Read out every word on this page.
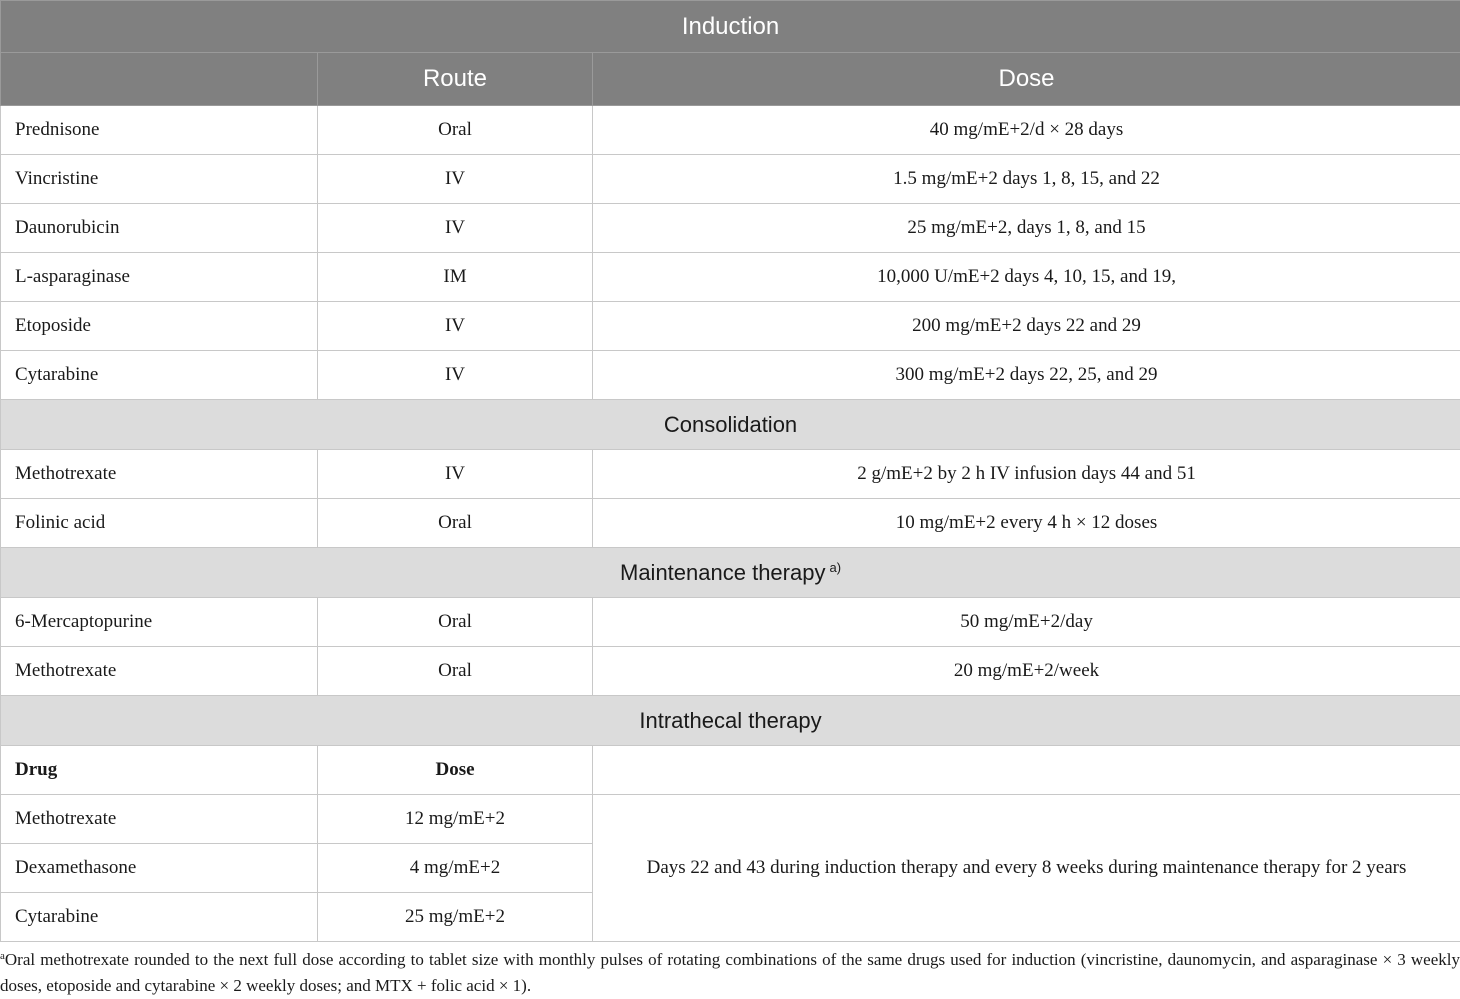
Induction		
	Route	Dose
Prednisone	Oral	40 mg/mE+2/d × 28 days
Vincristine	IV	1.5 mg/mE+2 days 1, 8, 15, and 22
Daunorubicin	IV	25 mg/mE+2, days 1, 8, and 15
L-asparaginase	IM	10,000 U/mE+2 days 4, 10, 15, and 19,
Etoposide	IV	200 mg/mE+2 days 22 and 29
Cytarabine	IV	300 mg/mE+2 days 22, 25, and 29
Consolidation		
Methotrexate	IV	2 g/mE+2 by 2 h IV infusion days 44 and 51
Folinic acid	Oral	10 mg/mE+2 every 4 h × 12 doses
Maintenance therapy $^{a)}$
6-Mercaptopurine	Oral	50 mg/mE+2/day
Methotrexate	Oral	20 mg/mE+2/week
Intrathecal therapy		
Drug	Dose	
Methotrexate	12 mg/mE+2	Days 22 and 43 during induction therapy and every 8 weeks during maintenance therapy for 2 years
Dexamethasone	4 mg/mE+2	
Cytarabine	25 mg/mE+2	
$^a$Oral methotrexate rounded to the next full dose according to tablet size with monthly pulses of rotating combinations of the same drugs used for induction (vincristine, daunomycin, and asparaginase × 3 weekly doses, etoposide and cytarabine × 2 weekly doses; and MTX + folic acid × 1).
